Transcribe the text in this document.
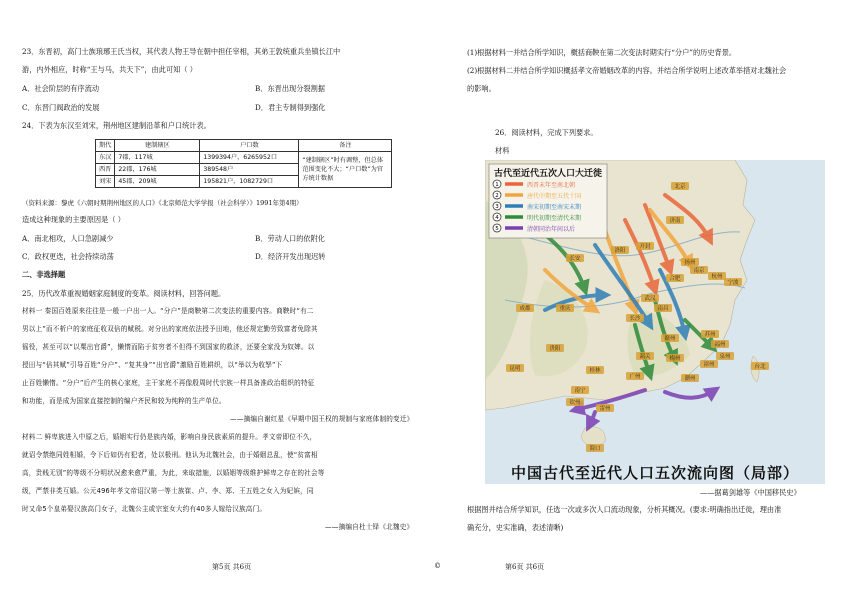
23．东晋初，高门士族琅琊王氏当权，其代表人物王导在朝中担任宰相，其弟王敦统重兵坐镇长江中
游，内外相应，时称“王与马，共天下”，由此可知（ ）
A．社会阶层的有序流动	B．东晋出现分裂割据
C．东晋门阀政治的发展	D．君主专制得到强化
24．下表为东汉至刘宋，荆州地区建制沿革和户口统计表。
期代	建制辖区	户口数	备注
东汉	7郡，117城	1399394户，6265952口	“建制辖区”时有调整，但总体范围变化不大；“户口数”为官方统计数据
西晋	22郡，176城	389548户	
刘宋	45郡，209城	195821户，1082729口	
（资料来源：黎虎《六朝时期荆州地区的人口》《北京师范大学学报（社会科学）》1991年第4期）
造成这种现象的主要原因是（ ）
A．南北相攻，人口急剧减少	B．劳动人口的依附化
C．政权更迭，社会持续动荡	D．经济开发出现迟转
二、非选择题
25．历代改革重视婚姻家庭制度的变革。阅读材料，回答问题。
材料一 秦国百姓原来往往是一般一户出一人。“分户”是商鞅第二次变法的重要内容。商鞅时“有二
男以上”而不析户的家庭征收双倍的赋税。对分出的家庭依法授予田地，他还规定勤劳致富者免除其
徭役，甚至可以“以粟出官爵”，懒惰而陷于贫穷者不但得不到国家的救济，还要全家没为奴婢。以
授田与“倍其赋”引导百姓“分户”、“复其身”“出官爵”激励百姓耕织，以“举以为收孥”下
止百姓懒惰。“分户”后产生的核心家庭，主干家庭不再像殷周时代宗族一样具备准政治组织的特征
和功能，而是成为国家直接控制的编户齐民和较为纯粹的生产单位。
——摘编自谢红星《早期中国王权的规制与家庭体制的变迁》
材料二 鲜卑族进入中原之后，婚姻实行仍是族内婚，影响自身民族素质的提升。孝文帝即位不久，
就诏令禁绝同姓相婚，令下后如仍有犯者，处以极刑。他认为北魏社会，由于婚姻总乱，使“贫富相
高，贵贱无别”的等级不分明状况愈来愈严重，为此，来取措施，以婚姻等级维护鲜卑之存在的社会等
级，严禁非类互婚。公元496年孝文帝诏汉第一等士族崔、卢、李、郑、王五姓之女入为妃嫔，同
时又命5个皇弟娶汉族高门女子，北魏公主或宗室女大约有40多人嫁给汉族高门。
——摘编自杜士铎《北魏史》
第5页 共6页	©
(1)根据材料一并结合所学知识，概括商鞅在第二次变法时期实行“分户”的历史背景。
(2)根据材料二并结合所学知识概括孝文帝婚姻改革的内容。并结合所学说明上述改革举措对北魏社会
的影响。
26．阅读材料，完成下列要求。
材料
北京
济南
开封
洛阳
长安
宁波
杭州
南京
扬州
合肥
苏州
福州
南昌
长沙
武汉
重庆
成都
广州
桂林
南宁
昆明
贵阳
海口
台北
赣州
泉州
漳州
潮州
梅州
韶关
雷州
钦州
古代至近代五次人口大迁徙
1	西晋末年至南北朝
2	唐代中期至五代十国
3	南宋初期至南宋末期
4	明代初期至清代末期
5	清朝同治年间以后
中国古代至近代人口五次流向图（局部）
——据葛剑雄等《中国移民史》
根据图并结合所学知识，任选一次或多次人口流动现象，分析其概况。(要求:明确指出迁徙，理由准
确充分，史实准确，表述清晰)
第6页 共6页
